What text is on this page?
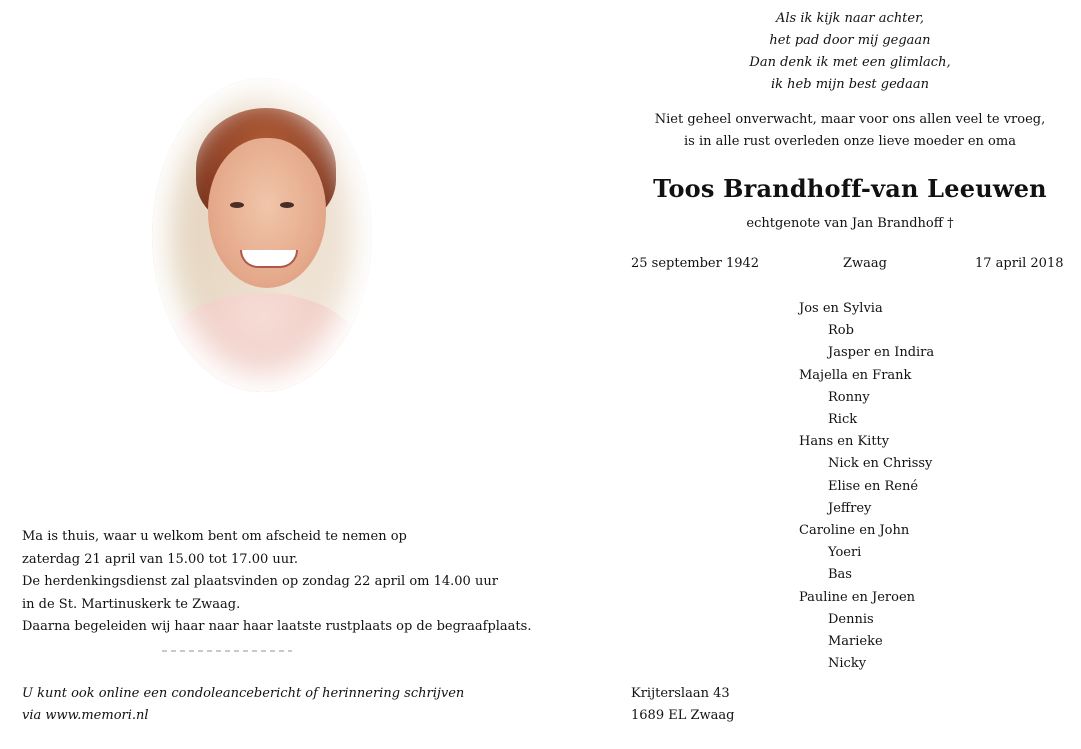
Als ik kijk naar achter,
het pad door mij gegaan
Dan denk ik met een glimlach,
ik heb mijn best gedaan
Niet geheel onverwacht, maar voor ons allen veel te vroeg,
is in alle rust overleden onze lieve moeder en oma
Toos Brandhoff-van Leeuwen
echtgenote van Jan Brandhoff †
25 september 1942	Zwaag	17 april 2018
Jos en Sylvia
Rob
Jasper en Indira
Majella en Frank
Ronny
Rick
Hans en Kitty
Nick en Chrissy
Elise en René
Jeffrey
Caroline en John
Yoeri
Bas
Pauline en Jeroen
Dennis
Marieke
Nicky
Krijterslaan 43
1689 EL Zwaag
Ma is thuis, waar u welkom bent om afscheid te nemen op
zaterdag 21 april van 15.00 tot 17.00 uur.
De herdenkingsdienst zal plaatsvinden op zondag 22 april om 14.00 uur
in de St. Martinuskerk te Zwaag.
Daarna begeleiden wij haar naar haar laatste rustplaats op de begraafplaats.
U kunt ook online een condoleancebericht of herinnering schrijven
via www.memori.nl
